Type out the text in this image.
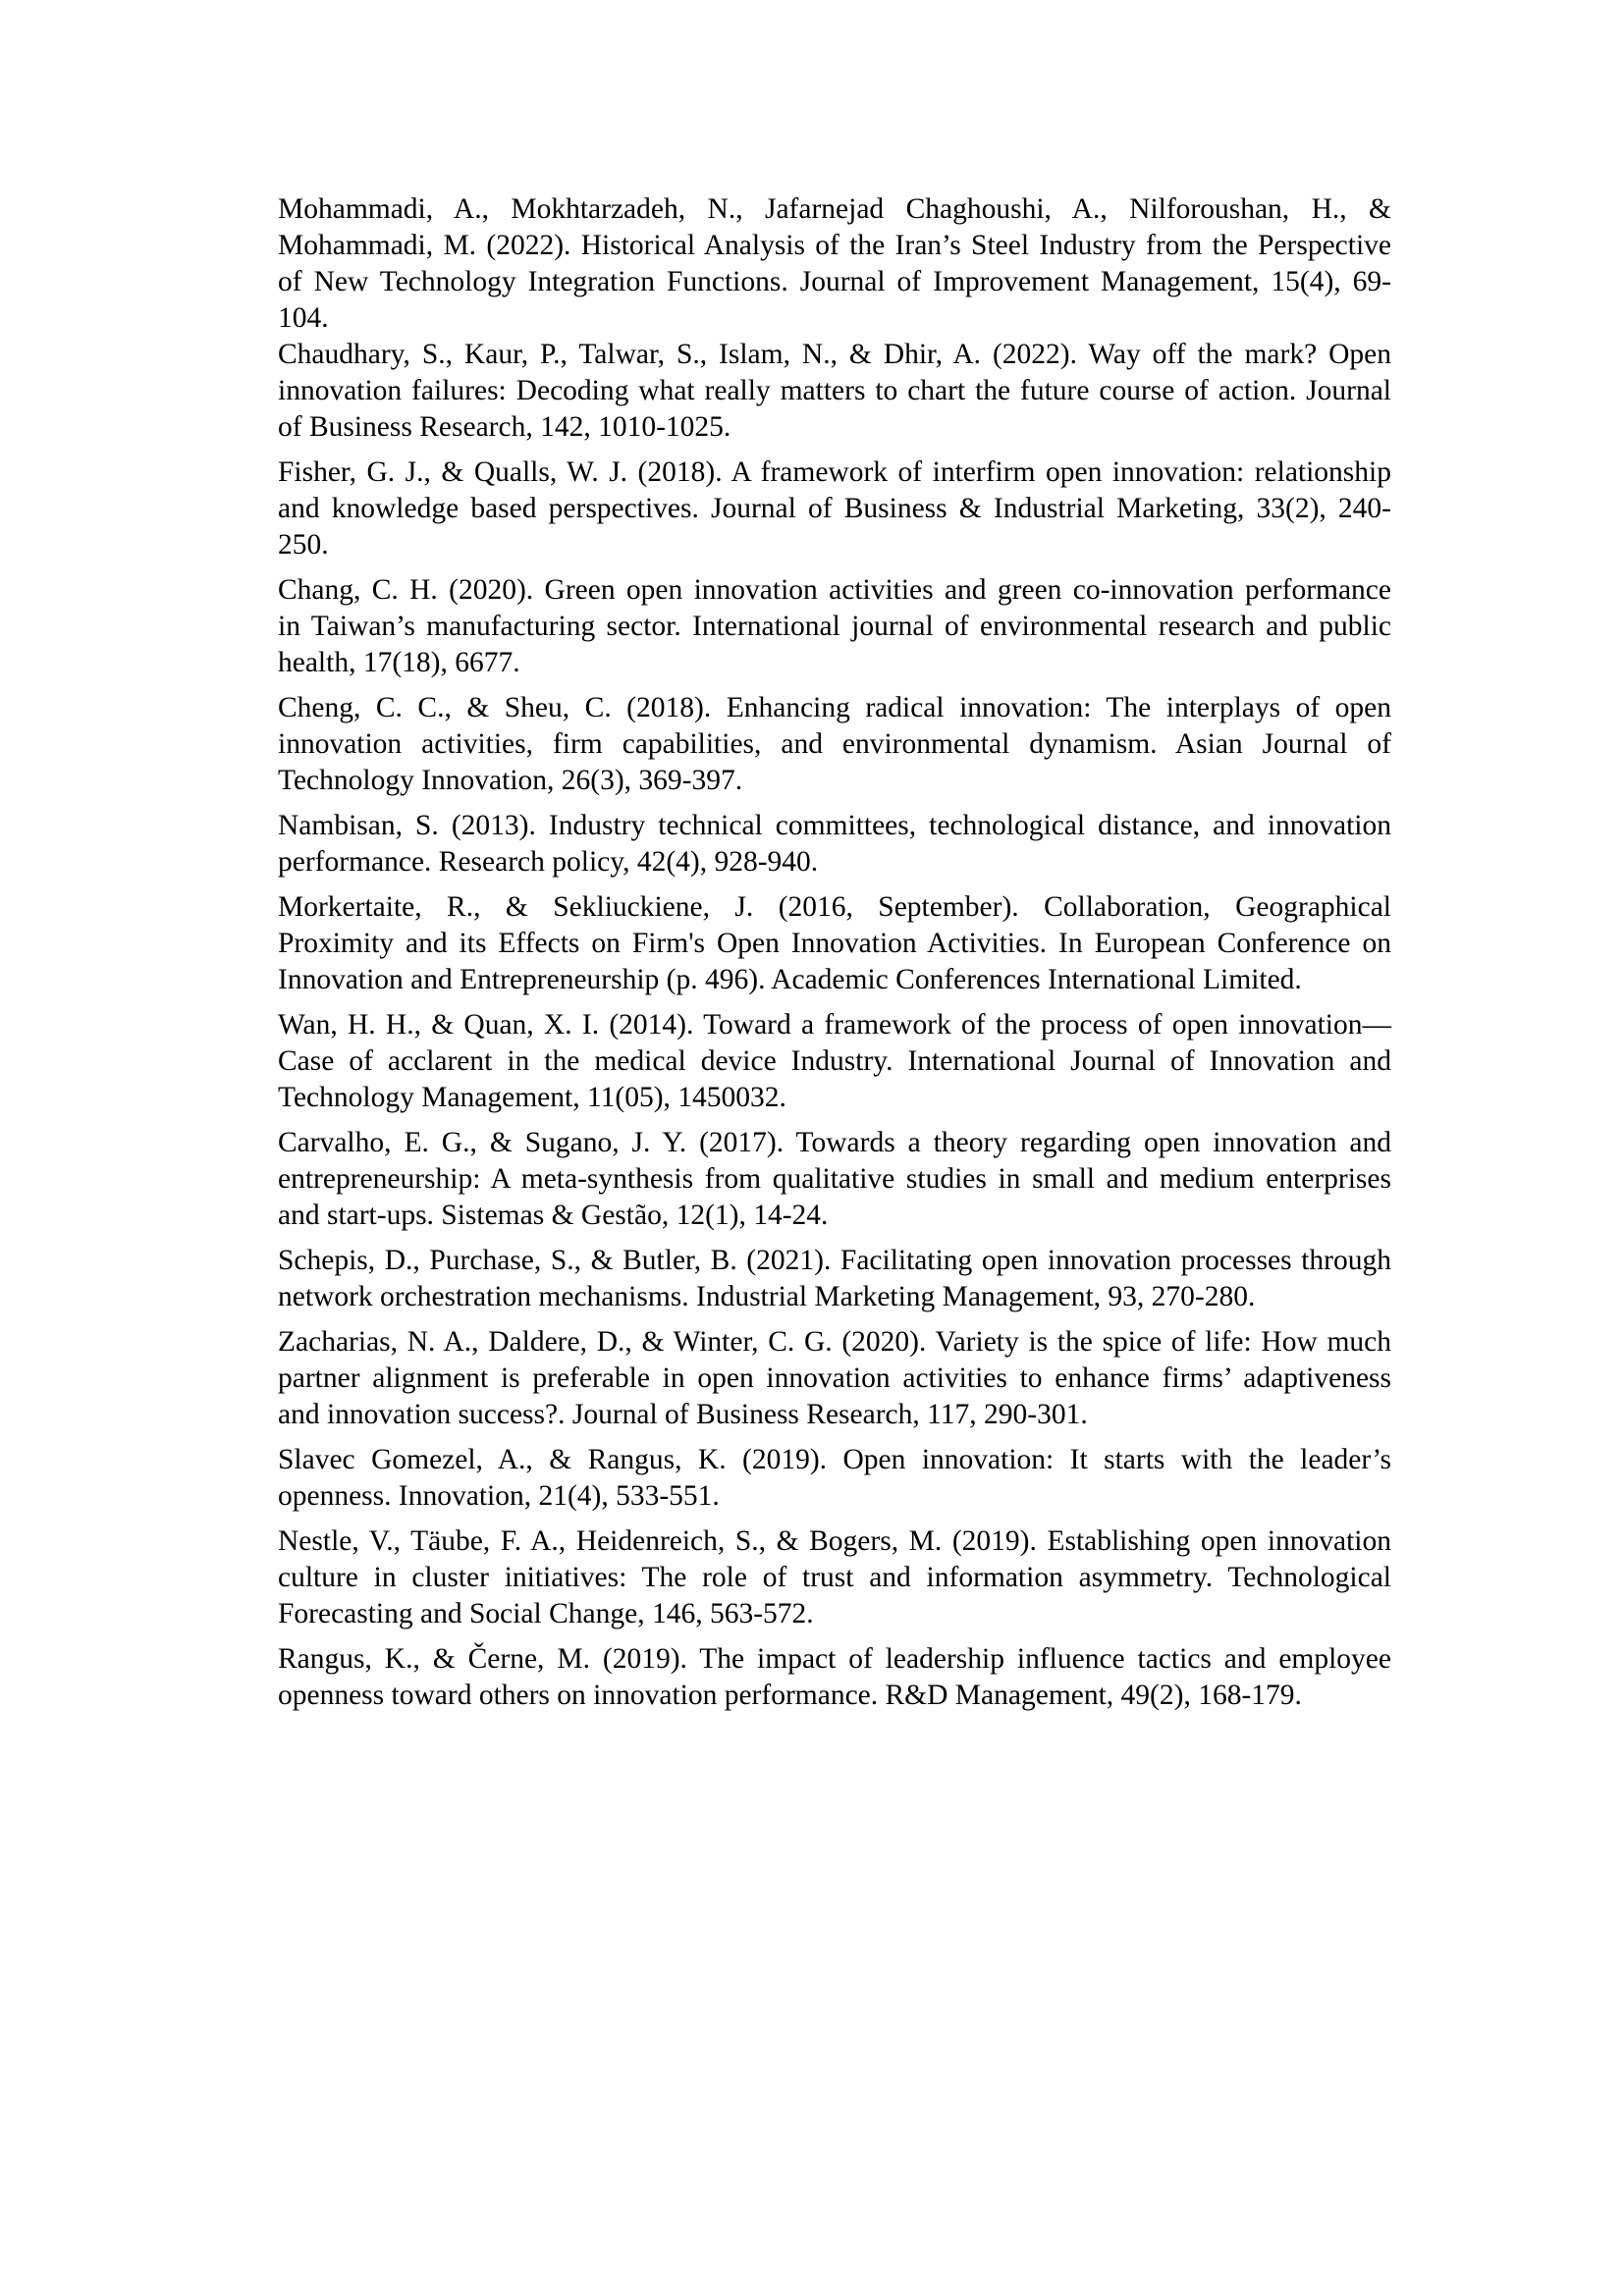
Mohammadi, A., Mokhtarzadeh, N., Jafarnejad Chaghoushi, A., Nilforoushan, H., &
Mohammadi, M. (2022). Historical Analysis of the Iran’s Steel Industry from the Perspective
of New Technology Integration Functions. Journal of Improvement Management, 15(4), 69-
104.

Chaudhary, S., Kaur, P., Talwar, S., Islam, N., & Dhir, A. (2022). Way off the mark? Open
innovation failures: Decoding what really matters to chart the future course of action. Journal
of Business Research, 142, 1010-1025.

Fisher, G. J., & Qualls, W. J. (2018). A framework of interfirm open innovation: relationship
and knowledge based perspectives. Journal of Business & Industrial Marketing, 33(2), 240-
250.

Chang, C. H. (2020). Green open innovation activities and green co-innovation performance
in Taiwan’s manufacturing sector. International journal of environmental research and public
health, 17(18), 6677.

Cheng, C. C., & Sheu, C. (2018). Enhancing radical innovation: The interplays of open
innovation activities, firm capabilities, and environmental dynamism. Asian Journal of
Technology Innovation, 26(3), 369-397.

Nambisan, S. (2013). Industry technical committees, technological distance, and innovation
performance. Research policy, 42(4), 928-940.

Morkertaite, R., & Sekliuckiene, J. (2016, September). Collaboration, Geographical
Proximity and its Effects on Firm's Open Innovation Activities. In European Conference on
Innovation and Entrepreneurship (p. 496). Academic Conferences International Limited.

Wan, H. H., & Quan, X. I. (2014). Toward a framework of the process of open innovation—
Case of acclarent in the medical device Industry. International Journal of Innovation and
Technology Management, 11(05), 1450032.

Carvalho, E. G., & Sugano, J. Y. (2017). Towards a theory regarding open innovation and
entrepreneurship: A meta-synthesis from qualitative studies in small and medium enterprises
and start-ups. Sistemas & Gestão, 12(1), 14-24.

Schepis, D., Purchase, S., & Butler, B. (2021). Facilitating open innovation processes through
network orchestration mechanisms. Industrial Marketing Management, 93, 270-280.

Zacharias, N. A., Daldere, D., & Winter, C. G. (2020). Variety is the spice of life: How much
partner alignment is preferable in open innovation activities to enhance firms’ adaptiveness
and innovation success?. Journal of Business Research, 117, 290-301.

Slavec Gomezel, A., & Rangus, K. (2019). Open innovation: It starts with the leader’s
openness. Innovation, 21(4), 533-551.

Nestle, V., Täube, F. A., Heidenreich, S., & Bogers, M. (2019). Establishing open innovation
culture in cluster initiatives: The role of trust and information asymmetry. Technological
Forecasting and Social Change, 146, 563-572.

Rangus, K., & Černe, M. (2019). The impact of leadership influence tactics and employee
openness toward others on innovation performance. R&D Management, 49(2), 168-179.
